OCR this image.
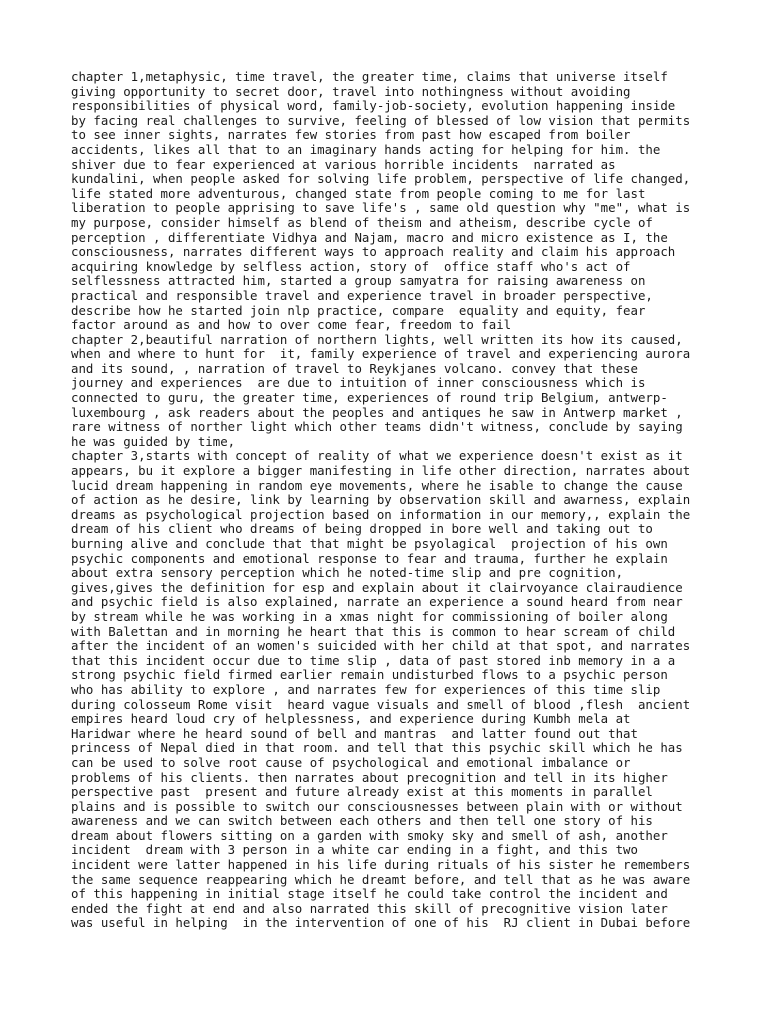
chapter 1,metaphysic, time travel, the greater time, claims that universe itself
giving opportunity to secret door, travel into nothingness without avoiding
responsibilities of physical word, family-job-society, evolution happening inside
by facing real challenges to survive, feeling of blessed of low vision that permits
to see inner sights, narrates few stories from past how escaped from boiler
accidents, likes all that to an imaginary hands acting for helping for him. the
shiver due to fear experienced at various horrible incidents  narrated as
kundalini, when people asked for solving life problem, perspective of life changed,
life stated more adventurous, changed state from people coming to me for last
liberation to people apprising to save life's , same old question why "me", what is
my purpose, consider himself as blend of theism and atheism, describe cycle of
perception , differentiate Vidhya and Najam, macro and micro existence as I, the
consciousness, narrates different ways to approach reality and claim his approach
acquiring knowledge by selfless action, story of  office staff who's act of
selflessness attracted him, started a group samyatra for raising awareness on
practical and responsible travel and experience travel in broader perspective,
describe how he started join nlp practice, compare  equality and equity, fear
factor around as and how to over come fear, freedom to fail
chapter 2,beautiful narration of northern lights, well written its how its caused,
when and where to hunt for  it, family experience of travel and experiencing aurora
and its sound, , narration of travel to Reykjanes volcano. convey that these
journey and experiences  are due to intuition of inner consciousness which is
connected to guru, the greater time, experiences of round trip Belgium, antwerp-
luxembourg , ask readers about the peoples and antiques he saw in Antwerp market ,
rare witness of norther light which other teams didn't witness, conclude by saying
he was guided by time,
chapter 3,starts with concept of reality of what we experience doesn't exist as it
appears, bu it explore a bigger manifesting in life other direction, narrates about
lucid dream happening in random eye movements, where he isable to change the cause
of action as he desire, link by learning by observation skill and awarness, explain
dreams as psychological projection based on information in our memory,, explain the
dream of his client who dreams of being dropped in bore well and taking out to
burning alive and conclude that that might be psyolagical  projection of his own
psychic components and emotional response to fear and trauma, further he explain
about extra sensory perception which he noted-time slip and pre cognition,
gives,gives the definition for esp and explain about it clairvoyance clairaudience
and psychic field is also explained, narrate an experience a sound heard from near
by stream while he was working in a xmas night for commissioning of boiler along
with Balettan and in morning he heart that this is common to hear scream of child
after the incident of an women's suicided with her child at that spot, and narrates
that this incident occur due to time slip , data of past stored inb memory in a a
strong psychic field firmed earlier remain undisturbed flows to a psychic person
who has ability to explore , and narrates few for experiences of this time slip
during colosseum Rome visit  heard vague visuals and smell of blood ,flesh  ancient
empires heard loud cry of helplessness, and experience during Kumbh mela at
Haridwar where he heard sound of bell and mantras  and latter found out that
princess of Nepal died in that room. and tell that this psychic skill which he has
can be used to solve root cause of psychological and emotional imbalance or
problems of his clients. then narrates about precognition and tell in its higher
perspective past  present and future already exist at this moments in parallel
plains and is possible to switch our consciousnesses between plain with or without
awareness and we can switch between each others and then tell one story of his
dream about flowers sitting on a garden with smoky sky and smell of ash, another
incident  dream with 3 person in a white car ending in a fight, and this two
incident were latter happened in his life during rituals of his sister he remembers
the same sequence reappearing which he dreamt before, and tell that as he was aware
of this happening in initial stage itself he could take control the incident and
ended the fight at end and also narrated this skill of precognitive vision later
was useful in helping  in the intervention of one of his  RJ client in Dubai before
